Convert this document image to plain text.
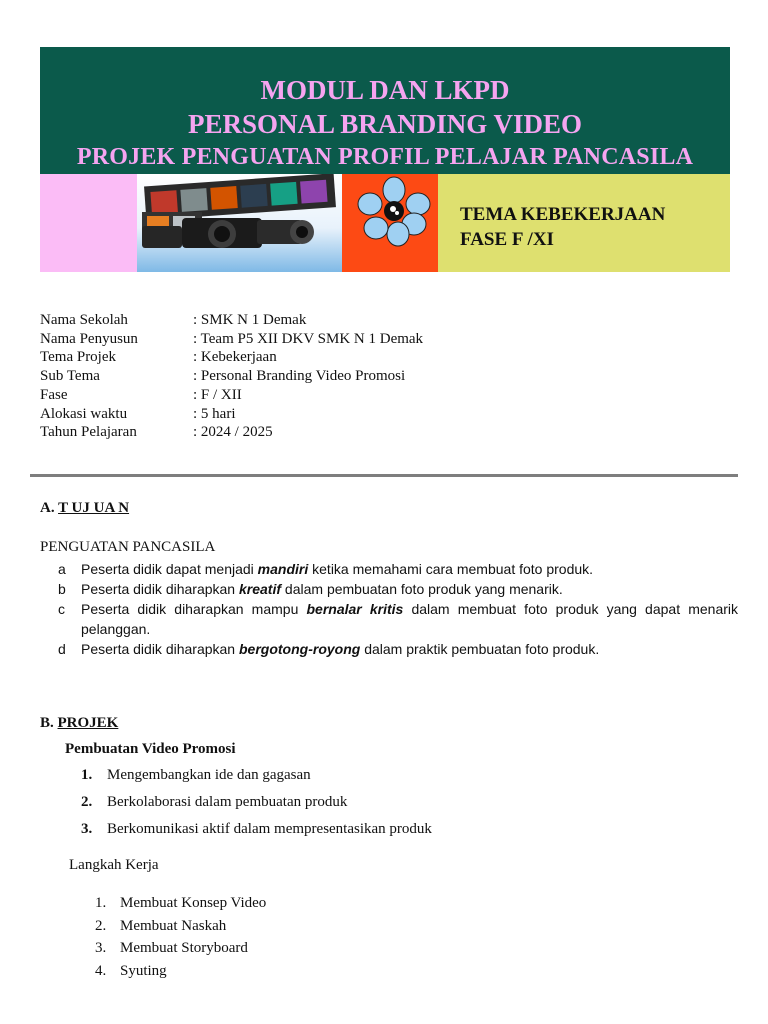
MODUL DAN LKPD
PERSONAL BRANDING VIDEO
PROJEK PENGUATAN PROFIL PELAJAR PANCASILA
TEMA KEBEKERJAAN
FASE F /XI
Nama Sekolah	: SMK N 1 Demak
Nama Penyusun	: Team P5 XII DKV SMK N 1 Demak
Tema Projek	: Kebekerjaan
Sub Tema	: Personal Branding Video Promosi
Fase	: F / XII
Alokasi waktu	: 5 hari
Tahun Pelajaran	: 2024 / 2025
A. T UJ UA N
PENGUATAN PANCASILA
a	Peserta didik dapat menjadi mandiri ketika memahami cara membuat foto produk.
b	Peserta didik diharapkan kreatif dalam pembuatan foto produk yang menarik.
c	Peserta didik diharapkan mampu bernalar kritis dalam membuat foto produk yang dapat menarik pelanggan.
d	Peserta didik diharapkan bergotong-royong dalam praktik pembuatan foto produk.
B. PROJEK
Pembuatan Video Promosi
1. Mengembangkan ide dan gagasan
2. Berkolaborasi dalam pembuatan produk
3. Berkomunikasi aktif dalam mempresentasikan produk
Langkah Kerja
1. Membuat Konsep Video
2. Membuat Naskah
3. Membuat Storyboard
4. Syuting
